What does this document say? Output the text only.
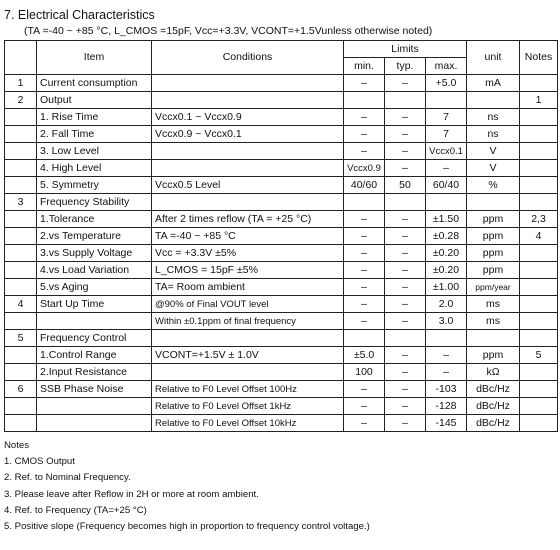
7. Electrical Characteristics
(TA =-40 ~ +85 °C, L_CMOS =15pF, Vcc=+3.3V, VCONT=+1.5Vunless otherwise noted)
	Item	Conditions	Limits			unit	Notes
			min.	typ.	max.		
1	Current consumption		–	–	+5.0	mA	
2	Output						1
	1. Rise Time	Vccx0.1 ~ Vccx0.9	–	–	7	ns	
	2. Fall Time	Vccx0.9 ~ Vccx0.1	–	–	7	ns	
	3. Low Level		–	–	Vccx0.1	V	
	4. High Level		Vccx0.9	–	–	V	
	5. Symmetry	Vccx0.5 Level	40/60	50	60/40	%	
3	Frequency Stability						
	1.Tolerance	After 2 times reflow (TA = +25 °C)	–	–	±1.50	ppm	2,3
	2.vs Temperature	TA =-40 ~ +85 °C	–	–	±0.28	ppm	4
	3.vs Supply Voltage	Vcc = +3.3V ±5%	–	–	±0.20	ppm	
	4.vs Load Variation	L_CMOS = 15pF ±5%	–	–	±0.20	ppm	
	5.vs Aging	TA= Room ambient	–	–	±1.00	ppm/year	
4	Start Up Time	@90% of Final VOUT level	–	–	2.0	ms	
		Within ±0.1ppm of final frequency	–	–	3.0	ms	
5	Frequency Control						
	1.Control Range	VCONT=+1.5V ± 1.0V	±5.0	–	–	ppm	5
	2.Input Resistance		100	–	–	kΩ	
6	SSB Phase Noise	Relative to F0 Level Offset 100Hz	–	–	-103	dBc/Hz	
		Relative to F0 Level Offset 1kHz	–	–	-128	dBc/Hz	
		Relative to F0 Level Offset 10kHz	–	–	-145	dBc/Hz	
Notes
1. CMOS Output
2. Ref. to Nominal Frequency.
3. Please leave after Reflow in 2H or more at room ambient.
4. Ref. to Frequency (TA=+25 °C)
5. Positive slope (Frequency becomes high in proportion to frequency control voltage.)
